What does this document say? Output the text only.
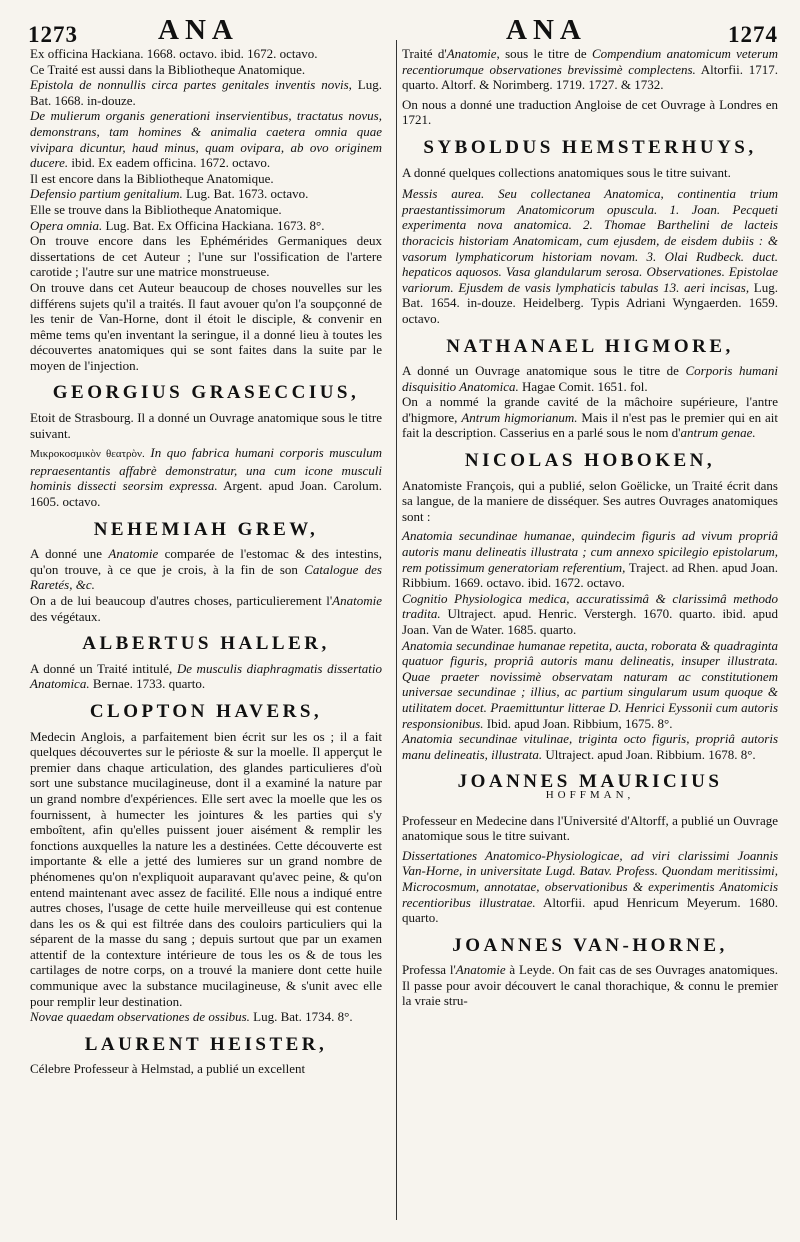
1273	ANA	ANA	1274

Ex officina Hackiana. 1668. octavo. ibid. 1672. octavo.

Ce Traité est aussi dans la Bibliotheque Anatomique.

Epistola de nonnullis circa partes genitales inventis novis, Lug. Bat. 1668. in-douze.

De mulierum organis generationi inservientibus, tractatus novus, demonstrans, tam homines & animalia caetera omnia quae vivipara dicuntur, haud minus, quam ovipara, ab ovo originem ducere. ibid. Ex eadem officina. 1672. octavo.

Il est encore dans la Bibliotheque Anatomique.

Defensio partium genitalium. Lug. Bat. 1673. octavo.

Elle se trouve dans la Bibliotheque Anatomique.

Opera omnia. Lug. Bat. Ex Officina Hackiana. 1673. 8°.

On trouve encore dans les Ephémérides Germaniques deux dissertations de cet Auteur ; l'une sur l'ossification de l'artere carotide ; l'autre sur une matrice monstrueuse.

On trouve dans cet Auteur beaucoup de choses nouvelles sur les différens sujets qu'il a traités. Il faut avouer qu'on l'a soupçonné de les tenir de Van-Horne, dont il étoit le disciple, & convenir en même tems qu'en inventant la seringue, il a donné lieu à toutes les découvertes anatomiques qui se sont faites dans la suite par le moyen de l'injection.

GEORGIUS GRASECCIUS,

Etoit de Strasbourg. Il a donné un Ouvrage anatomique sous le titre suivant.

Μικροκοσμικὸν θεατρὸν. In quo fabrica humani corporis musculum repraesentantis affabrè demonstratur, una cum icone musculi hominis dissecti seorsim expressa. Argent. apud Joan. Carolum. 1605. octavo.

NEHEMIAH GREW,

A donné une Anatomie comparée de l'estomac & des intestins, qu'on trouve, à ce que je crois, à la fin de son Catalogue des Raretés, &c.

On a de lui beaucoup d'autres choses, particulierement l'Anatomie des végétaux.

ALBERTUS HALLER,

A donné un Traité intitulé, De musculis diaphragmatis dissertatio Anatomica. Bernae. 1733. quarto.

CLOPTON HAVERS,

Medecin Anglois, a parfaitement bien écrit sur les os ; il a fait quelques découvertes sur le périoste & sur la moelle. Il apperçut le premier dans chaque articulation, des glandes particulieres d'où sort une substance mucilagineuse, dont il a examiné la nature par un grand nombre d'expériences. Elle sert avec la moelle que les os fournissent, à humecter les jointures & les parties qui s'y emboîtent, afin qu'elles puissent jouer aisément & remplir les fonctions auxquelles la nature les a destinées. Cette découverte est importante & elle a jetté des lumieres sur un grand nombre de phénomenes qu'on n'expliquoit auparavant qu'avec peine, & qu'on entend maintenant avec assez de facilité. Elle nous a indiqué entre autres choses, l'usage de cette huile merveilleuse qui est contenue dans les os & qui est filtrée dans des couloirs particuliers qui la séparent de la masse du sang ; depuis surtout que par un examen attentif de la contexture intérieure de tous les os & de tous les cartilages de notre corps, on a trouvé la maniere dont cette huile communique avec la substance mucilagineuse, & s'unit avec elle pour remplir leur destination.

Novae quaedam observationes de ossibus. Lug. Bat. 1734. 8°.

LAURENT HEISTER,

Célebre Professeur à Helmstad, a publié un excellent

Traité d'Anatomie, sous le titre de Compendium anatomicum veterum recentiorumque observationes brevissimè complectens. Altorfii. 1717. quarto. Altorf. & Norimberg. 1719. 1727. & 1732.

On nous a donné une traduction Angloise de cet Ouvrage à Londres en 1721.

SYBOLDUS HEMSTERHUYS,

A donné quelques collections anatomiques sous le titre suivant.

Messis aurea. Seu collectanea Anatomica, continentia trium praestantissimorum Anatomicorum opuscula. 1. Joan. Pecqueti experimenta nova anatomica. 2. Thomae Barthelini de lacteis thoracicis historiam Anatomicam, cum ejusdem, de eisdem dubiis : & vasorum lymphaticorum historiam novam. 3. Olai Rudbeck. duct. hepaticos aquosos. Vasa glandularum serosa. Observationes. Epistolae variorum. Ejusdem de vasis lymphaticis tabulas 13. aeri incisas, Lug. Bat. 1654. in-douze. Heidelberg. Typis Adriani Wyngaerden. 1659. octavo.

NATHANAEL HIGMORE,

A donné un Ouvrage anatomique sous le titre de Corporis humani disquisitio Anatomica. Hagae Comit. 1651. fol.

On a nommé la grande cavité de la mâchoire supérieure, l'antre d'higmore, Antrum higmorianum. Mais il n'est pas le premier qui en ait fait la description. Casserius en a parlé sous le nom d'antrum genae.

NICOLAS HOBOKEN,

Anatomiste François, qui a publié, selon Goëlicke, un Traité écrit dans sa langue, de la maniere de disséquer. Ses autres Ouvrages anatomiques sont :

Anatomia secundinae humanae, quindecim figuris ad vivum propriâ autoris manu delineatis illustrata ; cum annexo spicilegio epistolarum, rem potissimum generatoriam referentium, Traject. ad Rhen. apud Joan. Ribbium. 1669. octavo. ibid. 1672. octavo.

Cognitio Physiologica medica, accuratissimâ & clarissimâ methodo tradita. Ultraject. apud. Henric. Verstergh. 1670. quarto. ibid. apud Joan. Van de Water. 1685. quarto.

Anatomia secundinae humanae repetita, aucta, roborata & quadraginta quatuor figuris, propriâ autoris manu delineatis, insuper illustrata. Quae praeter novissimè observatam naturam ac constitutionem universae secundinae ; illius, ac partium singularum usum quoque & utilitatem docet. Praemittuntur litterae D. Henrici Eyssonii cum autoris responsionibus. Ibid. apud Joan. Ribbium, 1675. 8°.

Anatomia secundinae vitulinae, triginta octo figuris, propriâ autoris manu delineatis, illustrata. Ultraject. apud Joan. Ribbium. 1678. 8°.

JOANNES MAURICIUS
HOFFMAN,

Professeur en Medecine dans l'Université d'Altorff, a publié un Ouvrage anatomique sous le titre suivant.

Dissertationes Anatomico-Physiologicae, ad viri clarissimi Joannis Van-Horne, in universitate Lugd. Batav. Profess. Quondam meritissimi, Microcosmum, annotatae, observationibus & experimentis Anatomicis recentioribus illustratae. Altorfii. apud Henricum Meyerum. 1680. quarto.

JOANNES VAN-HORNE,

Professa l'Anatomie à Leyde. On fait cas de ses Ouvrages anatomiques. Il passe pour avoir découvert le canal thorachique, & connu le premier la vraie stru-
